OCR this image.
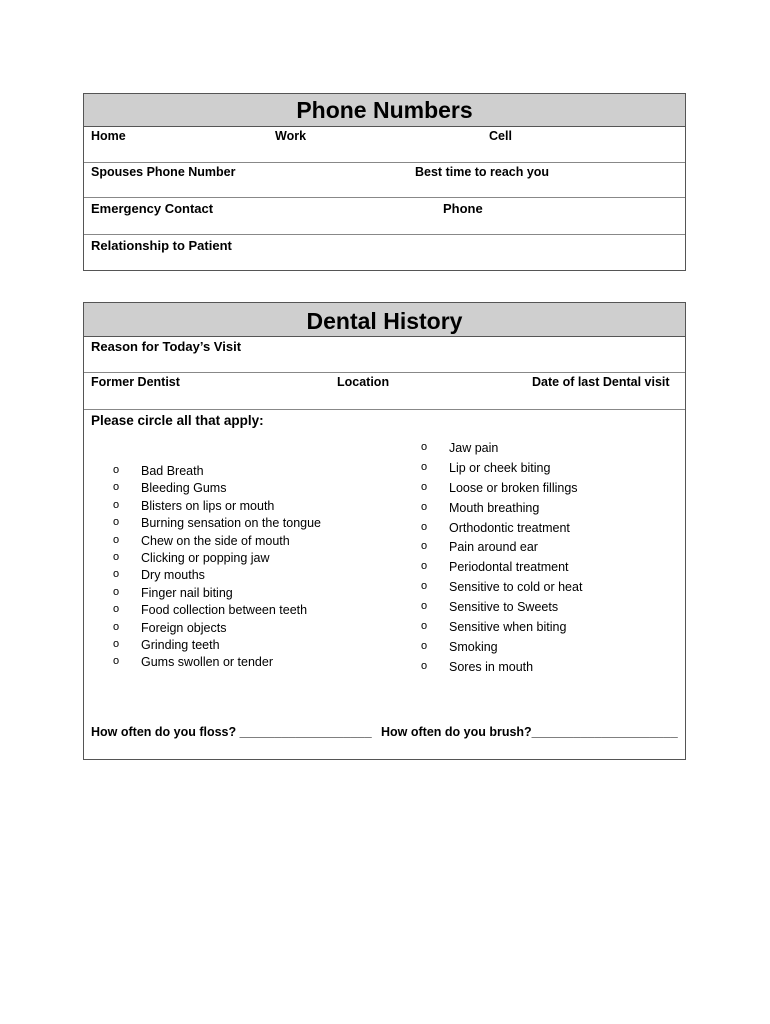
Phone Numbers
Home	Work	Cell
Spouses Phone Number	Best time to reach you
Emergency Contact	Phone
Relationship to Patient
Dental History
Reason for Today’s Visit
Former Dentist	Location	Date of last Dental visit
Please circle all that apply:
o Bad Breath
o Bleeding Gums
o Blisters on lips or mouth
o Burning sensation on the tongue
o Chew on the side of mouth
o Clicking or popping jaw
o Dry mouths
o Finger nail biting
o Food collection between teeth
o Foreign objects
o Grinding teeth
o Gums swollen or tender
o Jaw pain
o Lip or cheek biting
o Loose or broken fillings
o Mouth breathing
o Orthodontic treatment
o Pain around ear
o Periodontal treatment
o Sensitive to cold or heat
o Sensitive to Sweets
o Sensitive when biting
o Smoking
o Sores in mouth
How often do you floss? ___________________ How often do you brush?_____________________
